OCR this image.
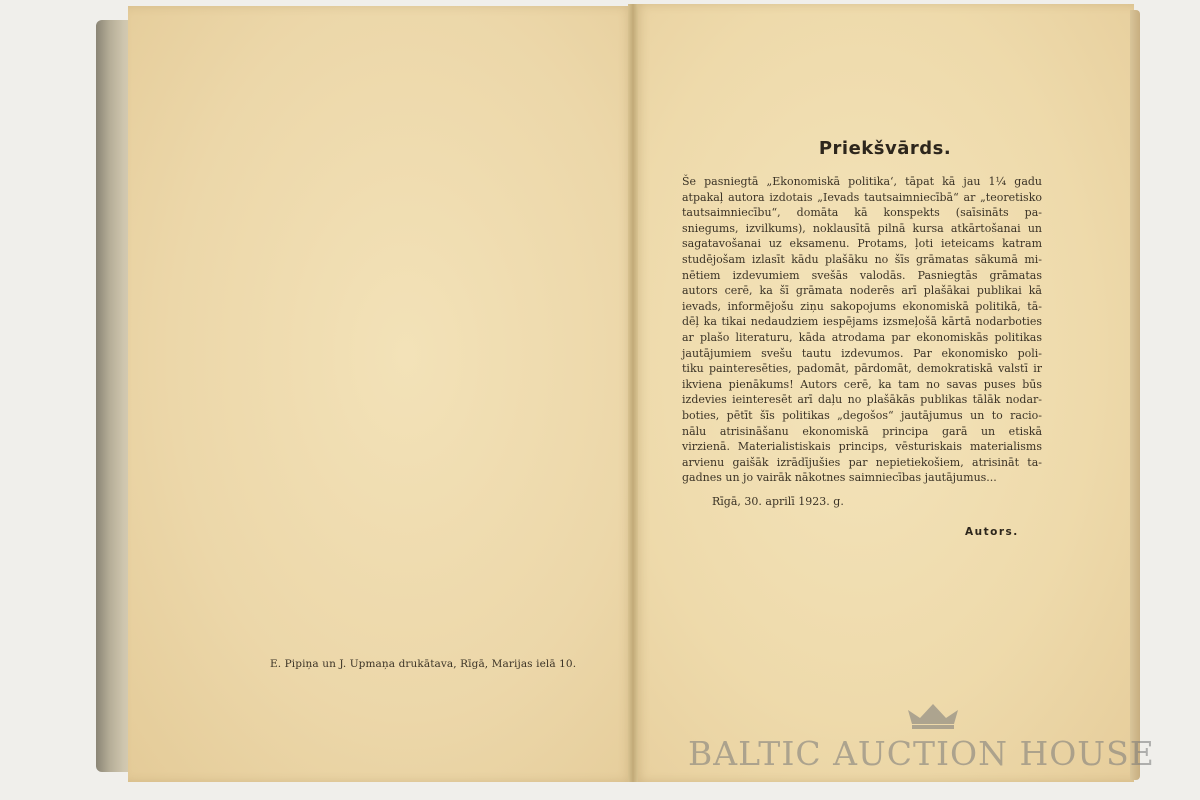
E. Pipiņa un J. Upmaņa drukātava, Rīgā, Marijas ielā 10.
Priekšvārds.
Še pasniegtā „Ekonomiskā politika‘, tāpat kā jau 1¼ gadu
atpakaļ autora izdotais „Ievads tautsaimniecībā“ ar „teoretisko
tautsaimniecību“, domāta kā konspekts (saīsināts pa-
sniegums, izvilkums), noklausītā pilnā kursa atkārtošanai un
sagatavošanai uz eksamenu. Protams, ļoti ieteicams katram
studējošam izlasīt kādu plašāku no šīs grāmatas sākumā mi-
nētiem izdevumiem svešās valodās. Pasniegtās grāmatas
autors cerē, ka šī grāmata noderēs arī plašākai publikai kā
ievads, informējošu ziņu sakopojums ekonomiskā politikā, tā-
dēļ ka tikai nedaudziem iespējams izsmeļošā kārtā nodarboties
ar plašo literaturu, kāda atrodama par ekonomiskās politikas
jautājumiem svešu tautu izdevumos. Par ekonomisko poli-
tiku painteresēties, padomāt, pārdomāt, demokratiskā valstī ir
ikviena pienākums! Autors cerē, ka tam no savas puses būs
izdevies ieinteresēt arī daļu no plašākās publikas tālāk nodar-
boties, pētīt šīs politikas „degošos“ jautājumus un to racio-
nālu atrisināšanu ekonomiskā principa garā un etiskā
virzienā. Materialistiskais princips, vēsturiskais materialisms
arvienu gaišāk izrādījušies par nepietiekošiem, atrisināt ta-
gadnes un jo vairāk nākotnes saimniecības jautājumus...
Rīgā, 30. aprilī 1923. g.
Autors.
BALTIC AUCTION HOUSE
